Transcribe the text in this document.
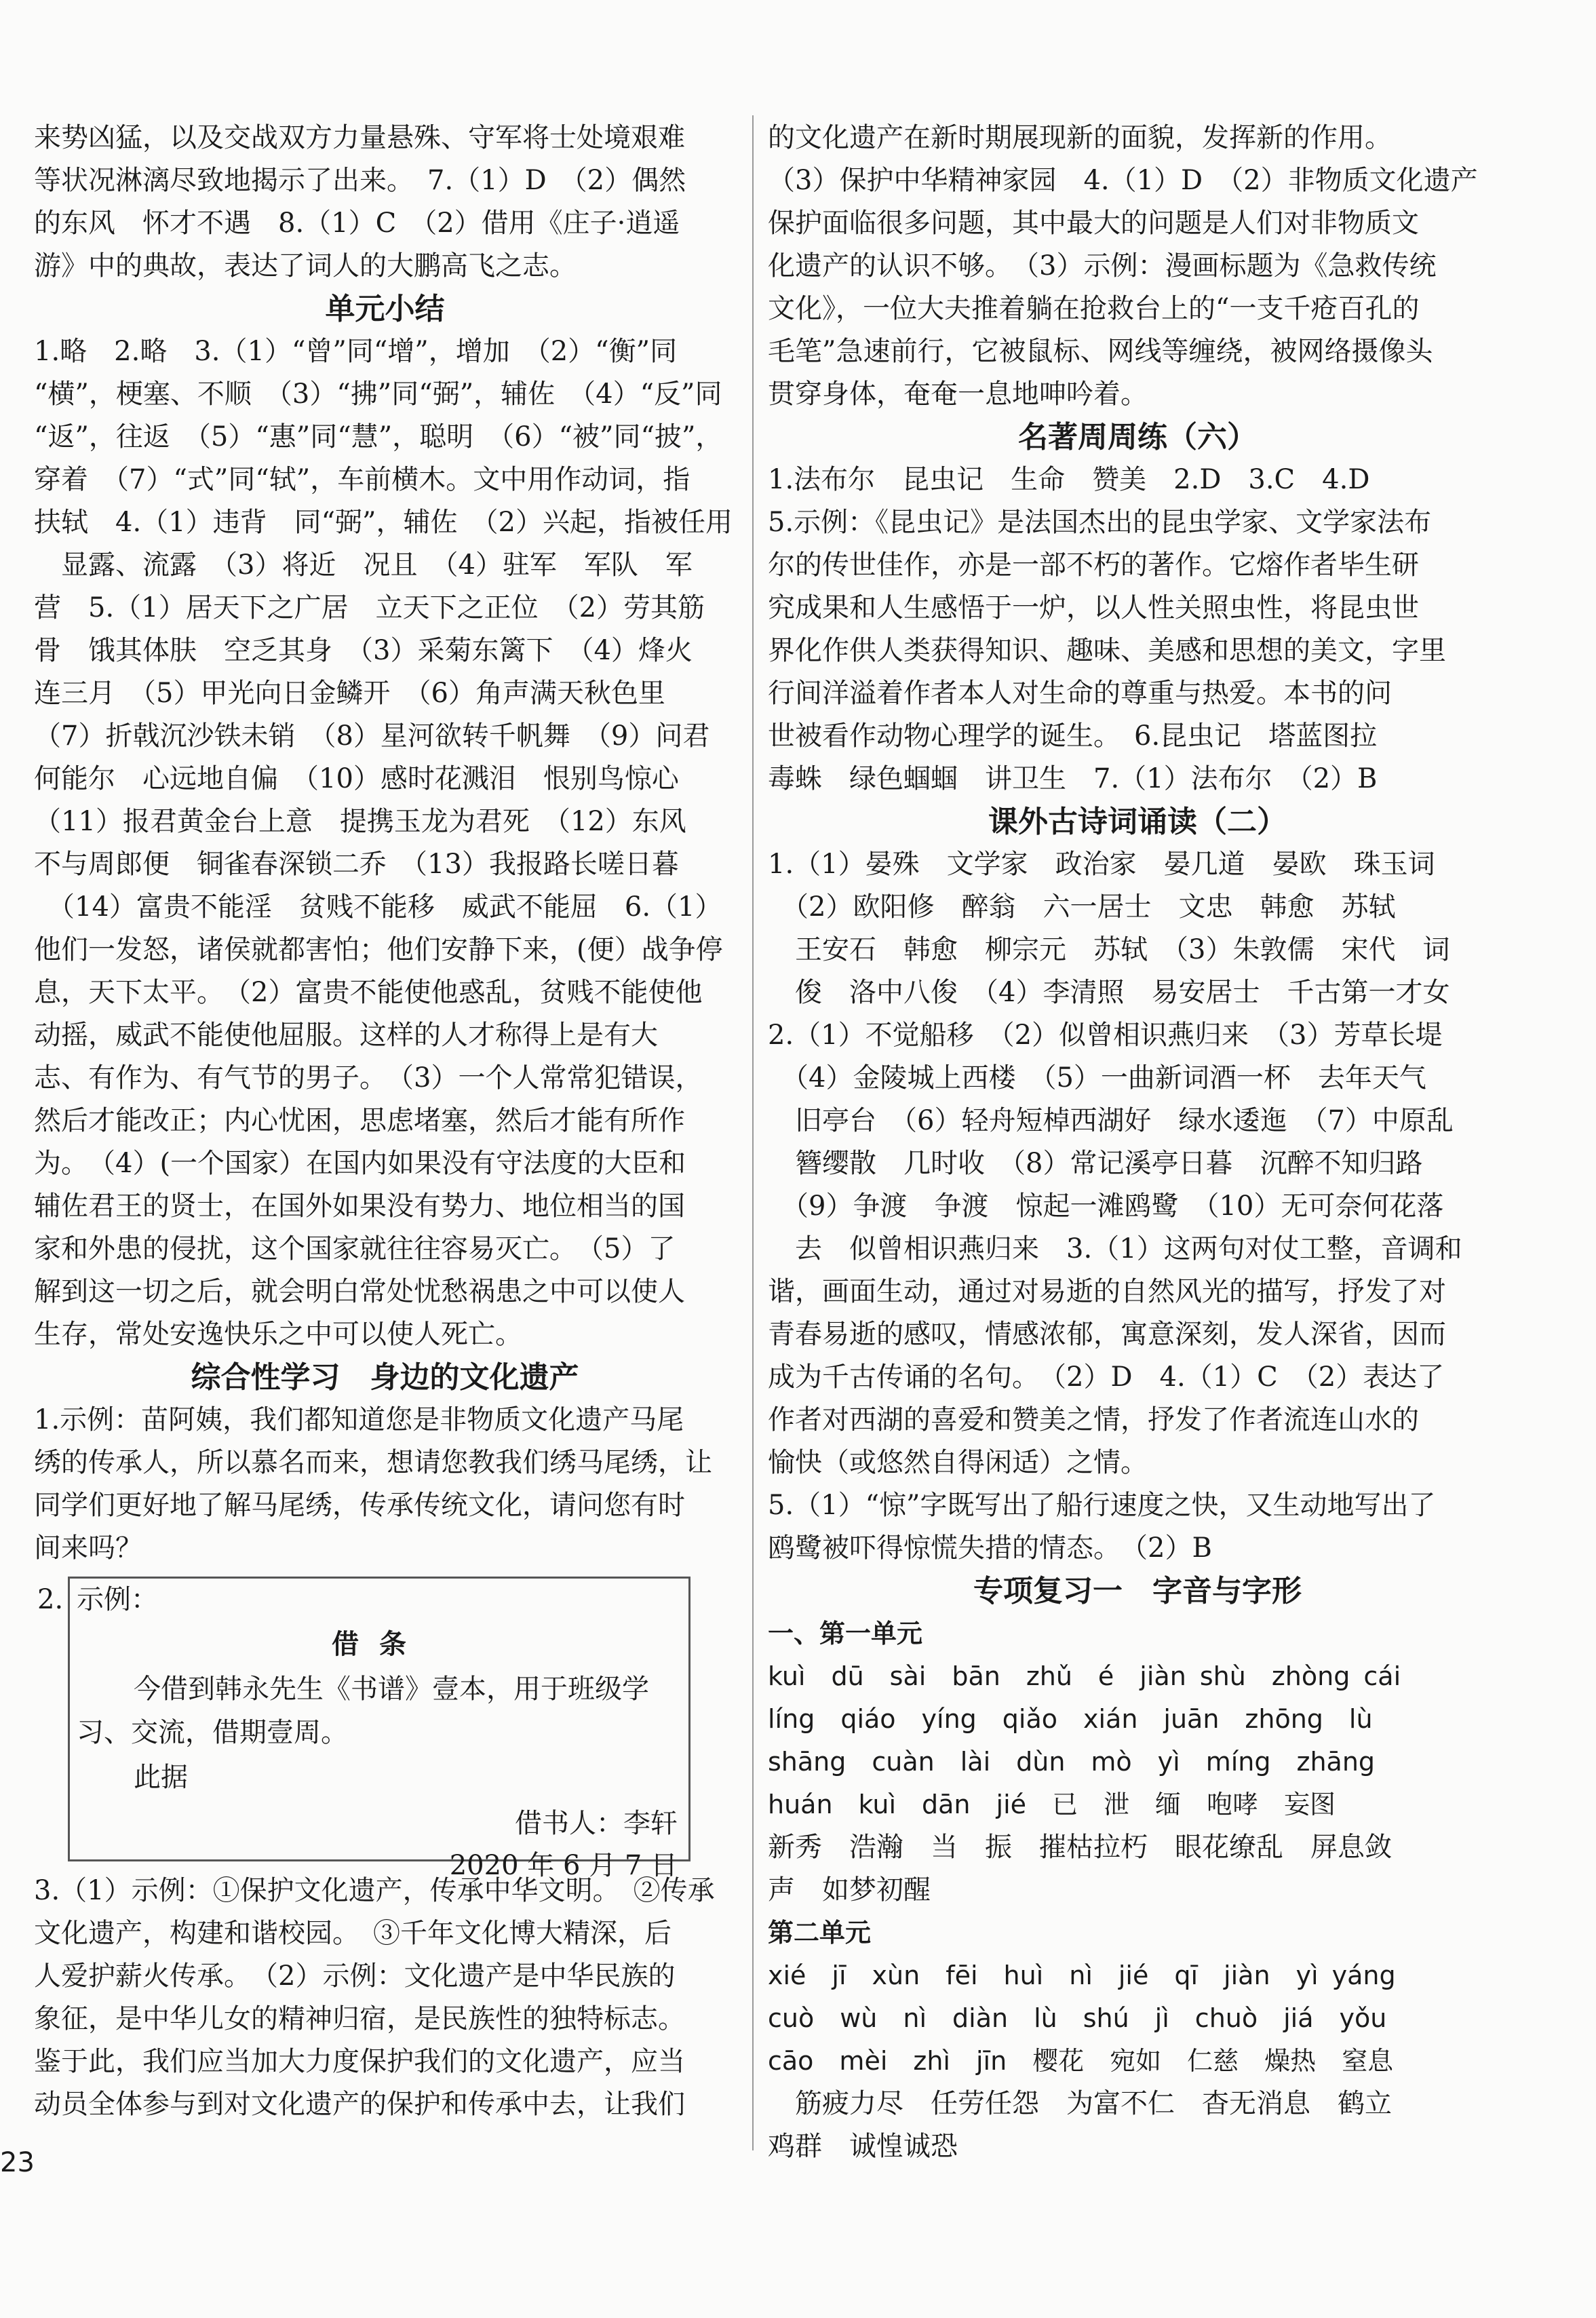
来势凶猛，以及交战双方力量悬殊、守军将士处境艰难

等状况淋漓尽致地揭示了出来。　7.（1）D　（2）偶然

的东风　怀才不遇　8.（1）C　（2）借用《庄子·逍遥

游》中的典故，表达了词人的大鹏高飞之志。

单元小结

1.略　2.略　3.（1）“曾”同“增”，增加　（2）“衡”同

“横”，梗塞、不顺　（3）“拂”同“弼”，辅佐　（4）“反”同

“返”，往返　（5）“惠”同“慧”，聪明　（6）“被”同“披”，

穿着　（7）“式”同“轼”，车前横木。文中用作动词，指

扶轼　4.（1）违背　同“弼”，辅佐　（2）兴起，指被任用

　显露、流露　（3）将近　况且　（4）驻军　军队　军

营　5.（1）居天下之广居　立天下之正位　（2）劳其筋

骨　饿其体肤　空乏其身　（3）采菊东篱下　（4）烽火

连三月　（5）甲光向日金鳞开　（6）角声满天秋色里

（7）折戟沉沙铁未销　（8）星河欲转千帆舞　（9）问君

何能尔　心远地自偏　（10）感时花溅泪　恨别鸟惊心

（11）报君黄金台上意　提携玉龙为君死　（12）东风

不与周郎便　铜雀春深锁二乔　（13）我报路长嗟日暮

　（14）富贵不能淫　贫贱不能移　威武不能屈　6.（1）

他们一发怒，诸侯就都害怕；他们安静下来，(便）战争停

息，天下太平。　（2）富贵不能使他惑乱，贫贱不能使他

动摇，威武不能使他屈服。这样的人才称得上是有大

志、有作为、有气节的男子。　（3）一个人常常犯错误，

然后才能改正；内心忧困，思虑堵塞，然后才能有所作

为。　（4）(一个国家）在国内如果没有守法度的大臣和

辅佐君王的贤士，在国外如果没有势力、地位相当的国

家和外患的侵扰，这个国家就往往容易灭亡。　（5）了

解到这一切之后，就会明白常处忧愁祸患之中可以使人

生存，常处安逸快乐之中可以使人死亡。

综合性学习　身边的文化遗产

1.示例：苗阿姨，我们都知道您是非物质文化遗产马尾

绣的传承人，所以慕名而来，想请您教我们绣马尾绣，让

同学们更好地了解马尾绣，传承传统文化，请问您有时

间来吗？

2. 示例：
借条
今借到韩永先生《书谱》壹本，用于班级学
习、交流，借期壹周。
此据
借书人：李轩
2020 年 6 月 7 日

3.（1）示例：①保护文化遗产，传承中华文明。　②传承

文化遗产，构建和谐校园。　③千年文化博大精深，后

人爱护薪火传承。　（2）示例：文化遗产是中华民族的

象征，是中华儿女的精神归宿，是民族性的独特标志。

鉴于此，我们应当加大力度保护我们的文化遗产，应当

动员全体参与到对文化遗产的保护和传承中去，让我们

的文化遗产在新时期展现新的面貌，发挥新的作用。

（3）保护中华精神家园　4.（1）D　（2）非物质文化遗产

保护面临很多问题，其中最大的问题是人们对非物质文

化遗产的认识不够。　（3）示例：漫画标题为《急救传统

文化》，一位大夫推着躺在抢救台上的“一支千疮百孔的

毛笔”急速前行，它被鼠标、网线等缠绕，被网络摄像头

贯穿身体，奄奄一息地呻吟着。

名著周周练（六）

1.法布尔　昆虫记　生命　赞美　2.D　3.C　4.D

5.示例：《昆虫记》是法国杰出的昆虫学家、文学家法布

尔的传世佳作，亦是一部不朽的著作。它熔作者毕生研

究成果和人生感悟于一炉，以人性关照虫性，将昆虫世

界化作供人类获得知识、趣味、美感和思想的美文，字里

行间洋溢着作者本人对生命的尊重与热爱。本书的问

世被看作动物心理学的诞生。　6.昆虫记　塔蓝图拉

毒蛛　绿色蝈蝈　讲卫生　7.（1）法布尔　（2）B

课外古诗词诵读（二）

1.（1）晏殊　文学家　政治家　晏几道　晏欧　珠玉词

　（2）欧阳修　醉翁　六一居士　文忠　韩愈　苏轼

　王安石　韩愈　柳宗元　苏轼　（3）朱敦儒　宋代　词

　俊　洛中八俊　（4）李清照　易安居士　千古第一才女

2.（1）不觉船移　（2）似曾相识燕归来　（3）芳草长堤

　（4）金陵城上西楼　（5）一曲新词酒一杯　去年天气

　旧亭台　（6）轻舟短棹西湖好　绿水逶迤　（7）中原乱

　簪缨散　几时收　（8）常记溪亭日暮　沉醉不知归路

　（9）争渡　争渡　惊起一滩鸥鹭　（10）无可奈何花落

　去　似曾相识燕归来　3.（1）这两句对仗工整，音调和

谐，画面生动，通过对易逝的自然风光的描写，抒发了对

青春易逝的感叹，情感浓郁，寓意深刻，发人深省，因而

成为千古传诵的名句。　（2）D　4.（1）C　（2）表达了

作者对西湖的喜爱和赞美之情，抒发了作者流连山水的

愉快（或悠然自得闲适）之情。

5.（1）“惊”字既写出了船行速度之快，又生动地写出了

鸥鹭被吓得惊慌失措的情态。　（2）B

专项复习一　字音与字形

一、第一单元

kuì　dū　sài　bān　zhǔ　é　jiàn shù　zhòng cái

líng　qiáo　yíng　qiǎo　xián　juān　zhōng　lù

shāng　cuàn　lài　dùn　mò　yì　míng　zhāng

huán　kuì　dān　jié　已　泄　缅　咆哮　妄图

新秀　浩瀚　当　振　摧枯拉朽　眼花缭乱　屏息敛

声　如梦初醒

第二单元

xié　jī　xùn　fēi　huì　nì　jié　qī　jiàn　yì yáng

cuò　wù　nì　diàn　lù　shú　jì　chuò　jiá　yǒu

cāo　mèi　zhì　jīn　樱花　宛如　仁慈　燥热　窒息

　筋疲力尽　任劳任怨　为富不仁　杳无消息　鹤立

鸡群　诚惶诚恐

23
